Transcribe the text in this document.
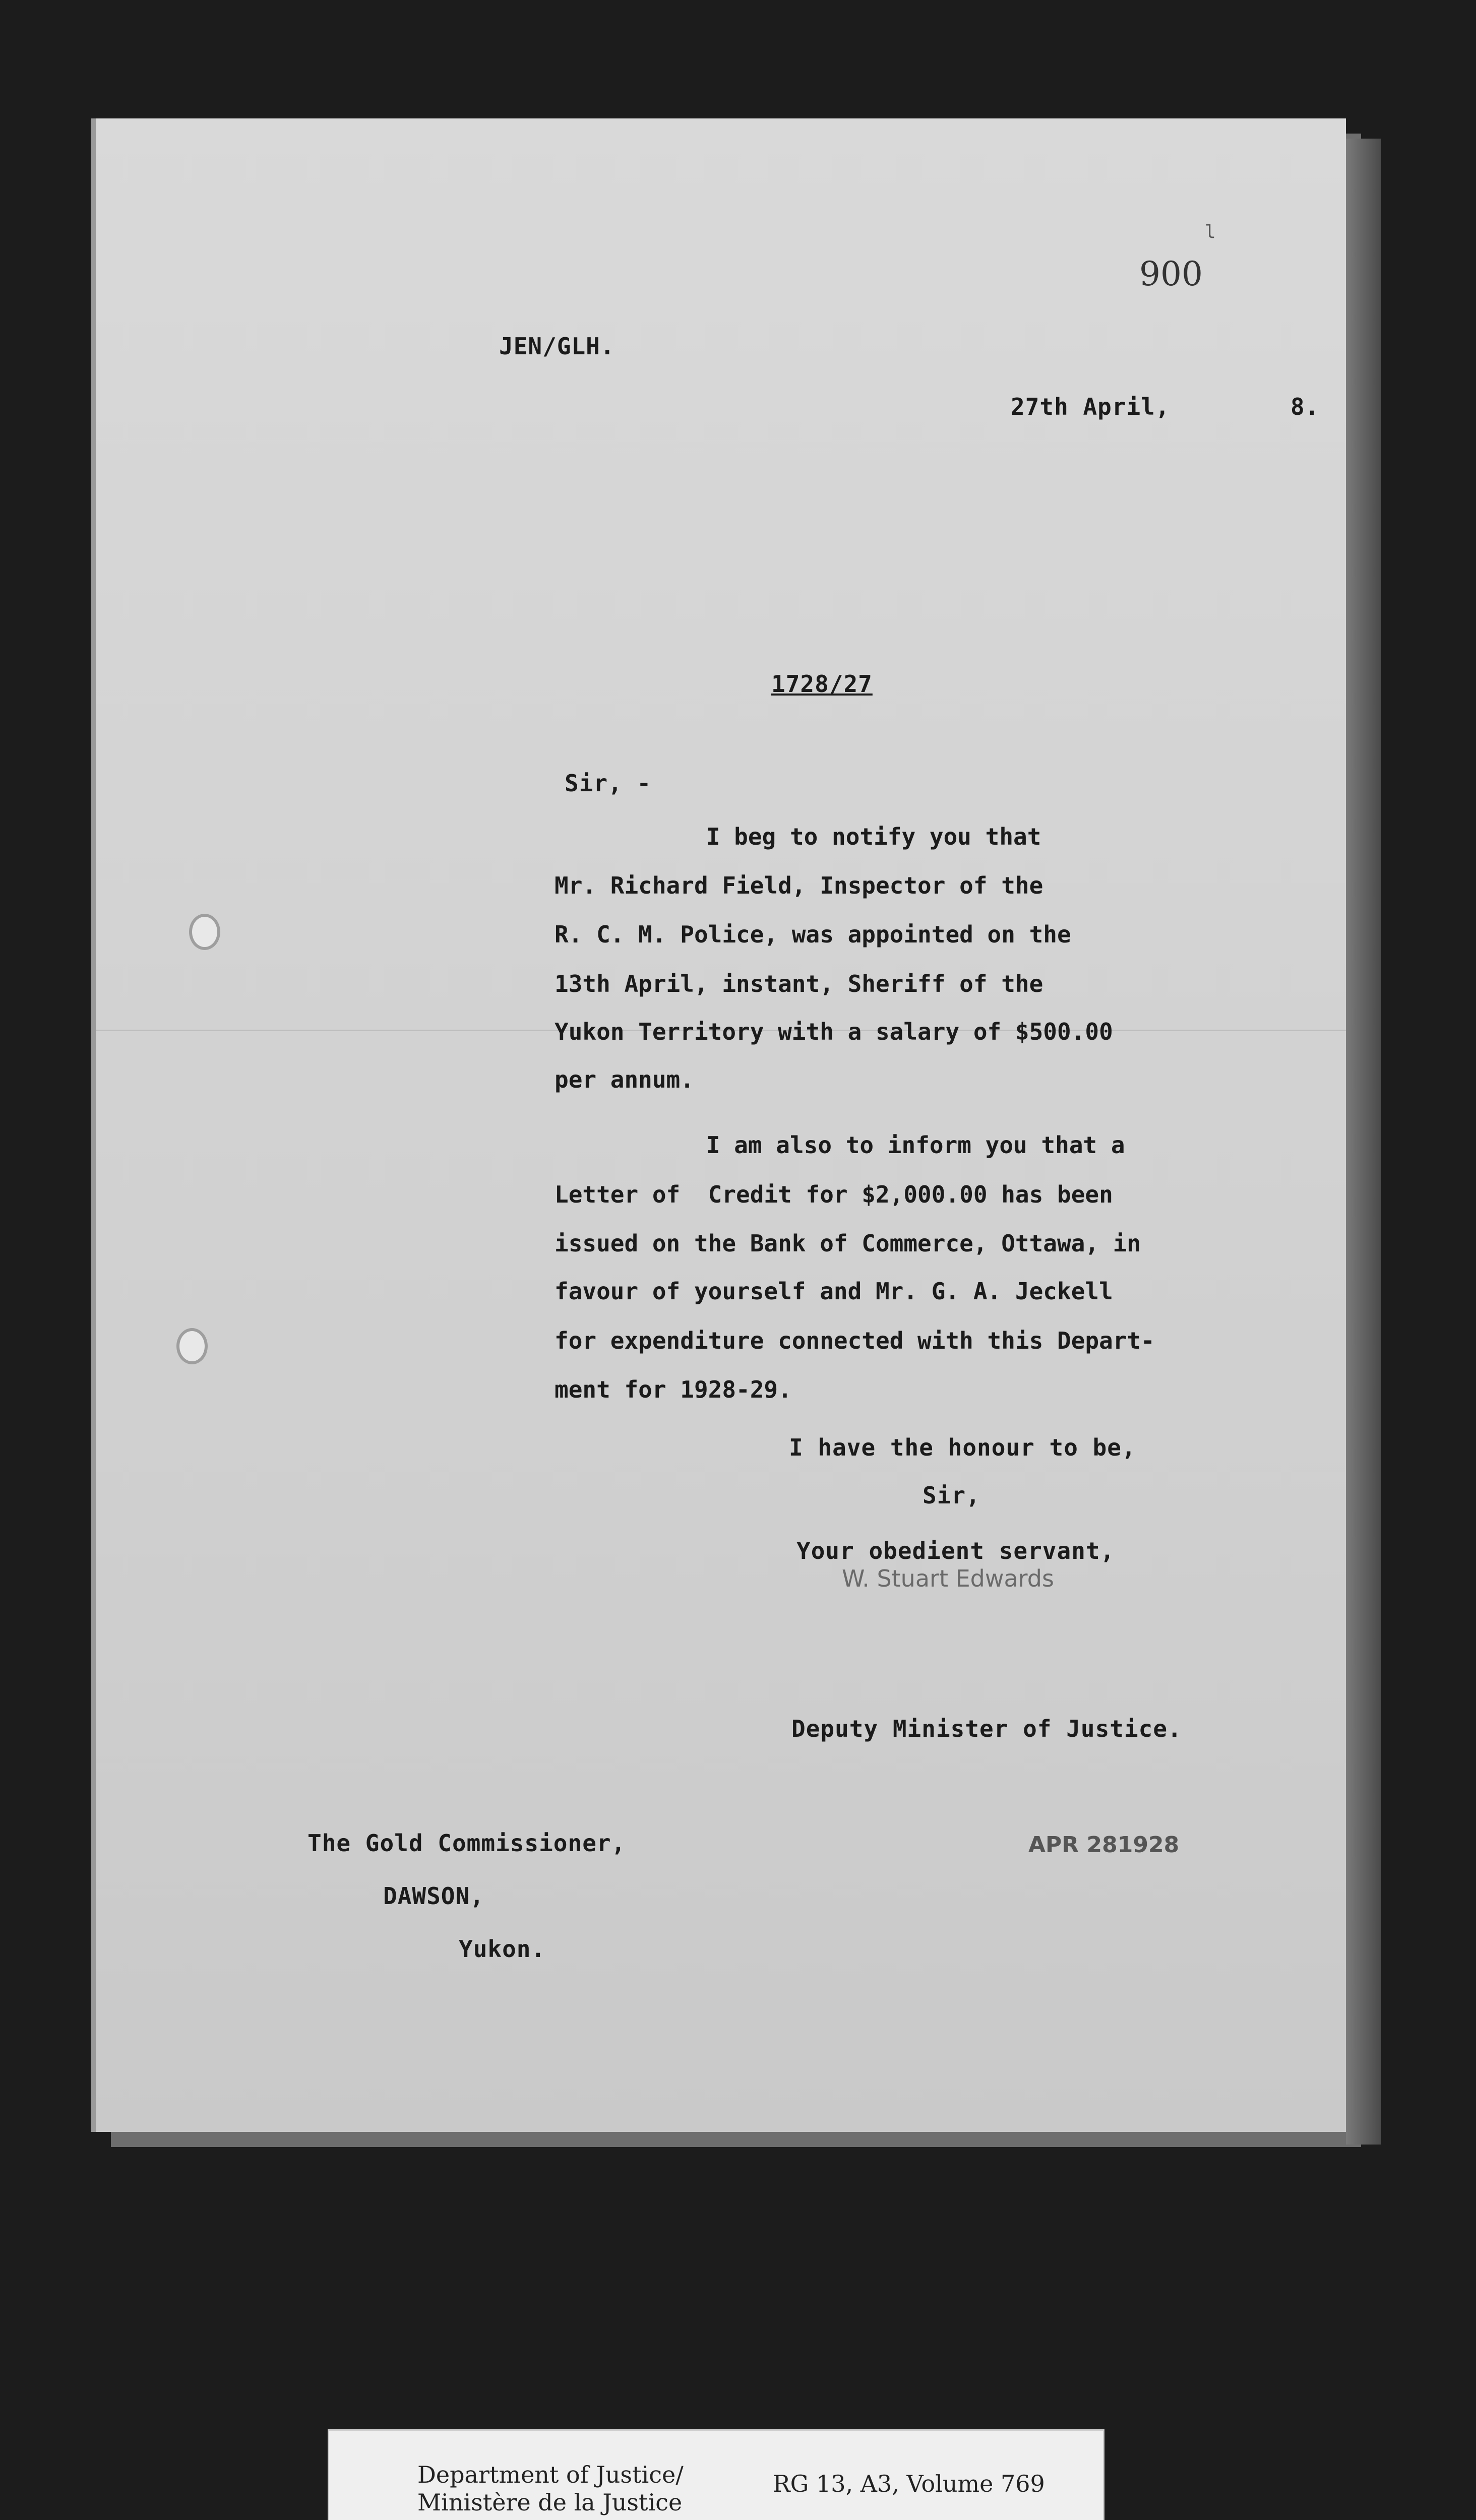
900
l
JEN/GLH.
27th April,	8.
1728/27
Sir, -
I beg to notify you that
Mr. Richard Field, Inspector of the
R. C. M. Police, was appointed on the
13th April, instant, Sheriff of the
Yukon Territory with a salary of $500.00
per annum.
I am also to inform you that a
Letter of  Credit for $2,000.00 has been
issued on the Bank of Commerce, Ottawa, in
favour of yourself and Mr. G. A. Jeckell
for expenditure connected with this Depart-
ment for 1928-29.
I have the honour to be,
Sir,
Your obedient servant,
W. Stuart Edwards
Deputy Minister of Justice.
The Gold Commissioner,
DAWSON,
Yukon.
APR 281928
Department of Justice/
Ministère de la Justice
RG 13, A3, Volume 769
